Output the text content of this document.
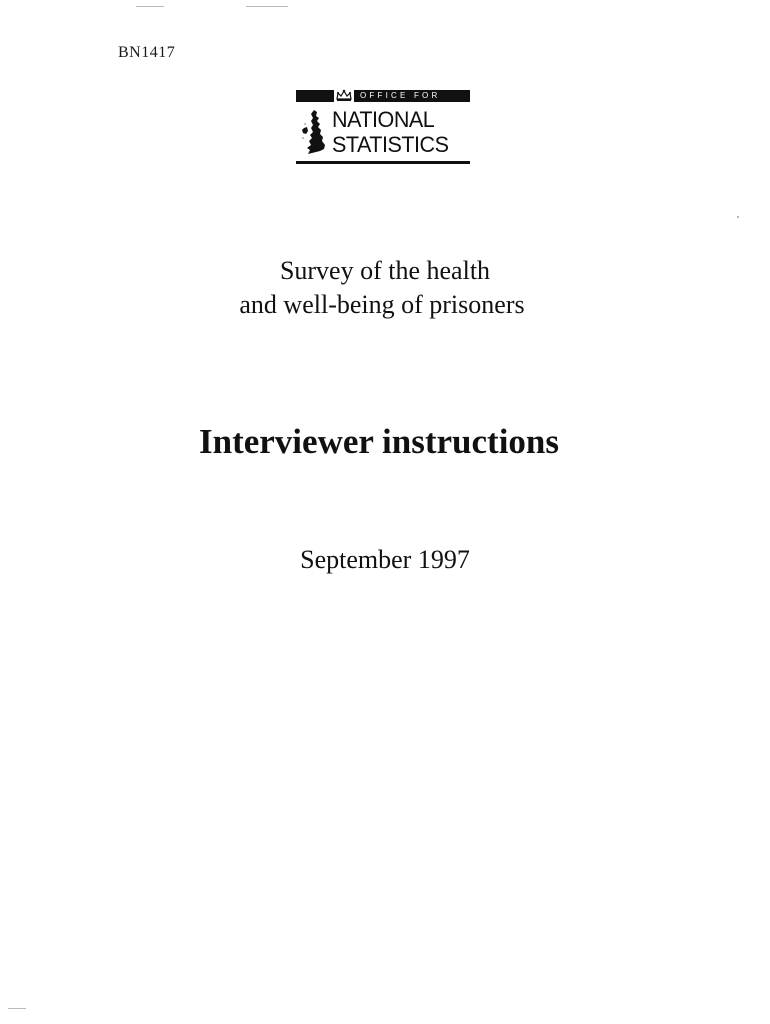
BN1417
OFFICE FOR
NATIONAL
STATISTICS
Survey of the health
and well-being of prisoners
Interviewer instructions
September 1997
